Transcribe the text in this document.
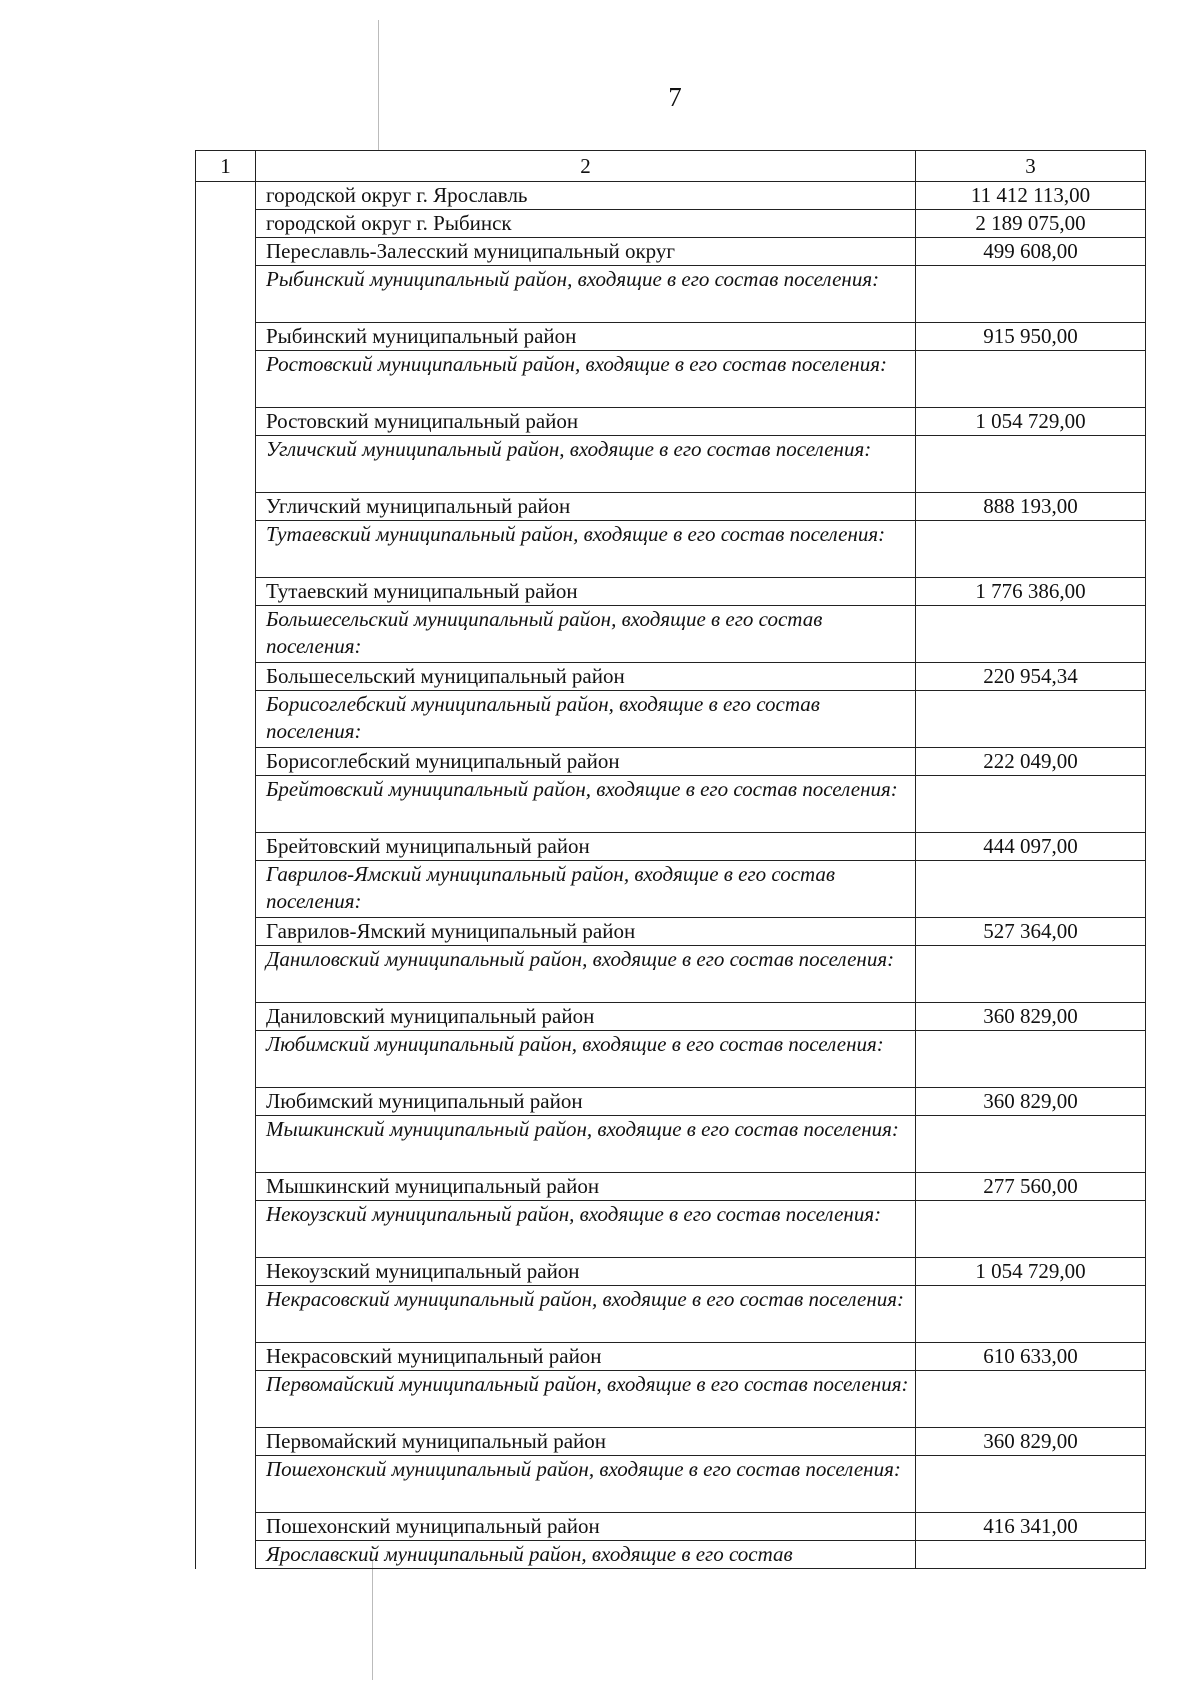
7
1	2	3
	городской округ г. Ярославль	11 412 113,00
	городской округ г. Рыбинск	2 189 075,00
	Переславль-Залесский муниципальный округ	499 608,00
	Рыбинский муниципальный район, входящие в его состав поселения:	
	Рыбинский муниципальный район	915 950,00
	Ростовский муниципальный район, входящие в его состав поселения:	
	Ростовский муниципальный район	1 054 729,00
	Угличский муниципальный район, входящие в его состав поселения:	
	Угличский муниципальный район	888 193,00
	Тутаевский муниципальный район, входящие в его состав поселения:	
	Тутаевский муниципальный район	1 776 386,00
	Большесельский муниципальный район, входящие в его состав поселения:	
	Большесельский муниципальный район	220 954,34
	Борисоглебский муниципальный район, входящие в его состав поселения:	
	Борисоглебский муниципальный район	222 049,00
	Брейтовский муниципальный район, входящие в его состав поселения:	
	Брейтовский муниципальный район	444 097,00
	Гаврилов-Ямский муниципальный район, входящие в его состав поселения:	
	Гаврилов-Ямский муниципальный район	527 364,00
	Даниловский муниципальный район, входящие в его состав поселения:	
	Даниловский муниципальный район	360 829,00
	Любимский муниципальный район, входящие в его состав поселения:	
	Любимский муниципальный район	360 829,00
	Мышкинский муниципальный район, входящие в его состав поселения:	
	Мышкинский муниципальный район	277 560,00
	Некоузский муниципальный район, входящие в его состав поселения:	
	Некоузский муниципальный район	1 054 729,00
	Некрасовский муниципальный район, входящие в его состав поселения:	
	Некрасовский муниципальный район	610 633,00
	Первомайский муниципальный район, входящие в его состав поселения:	
	Первомайский муниципальный район	360 829,00
	Пошехонский муниципальный район, входящие в его состав поселения:	
	Пошехонский муниципальный район	416 341,00
	Ярославский муниципальный район, входящие в его состав	
